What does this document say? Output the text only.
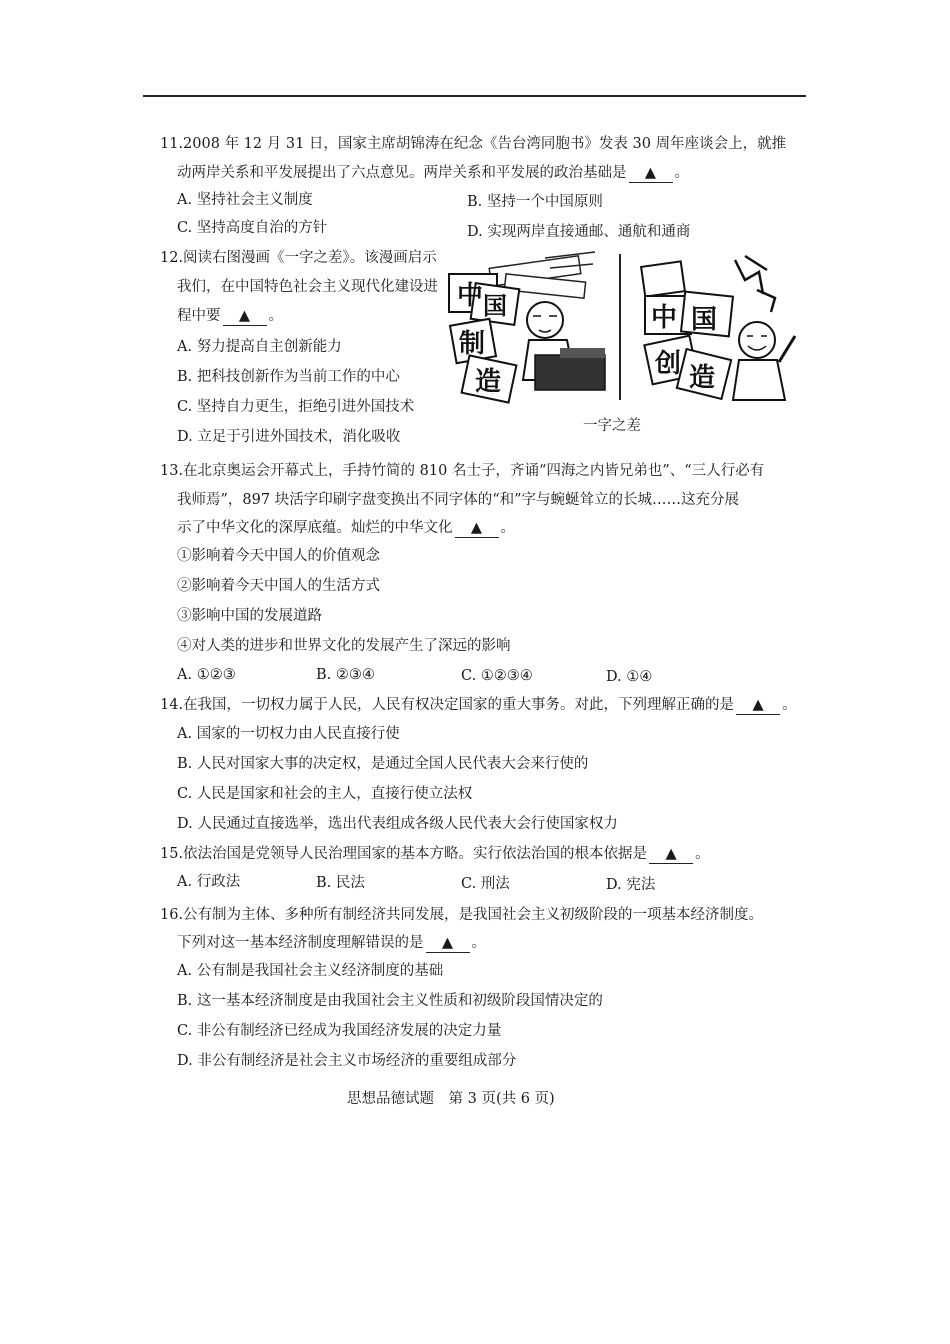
11.2008 年 12 月 31 日，国家主席胡锦涛在纪念《告台湾同胞书》发表 30 周年座谈会上，就推
动两岸关系和平发展提出了六点意见。两岸关系和平发展的政治基础是 ▲ 。
A. 坚持社会主义制度	B. 坚持一个中国原则
C. 坚持高度自治的方针	D. 实现两岸直接通邮、通航和通商
12.阅读右图漫画《一字之差》。该漫画启示
我们，在中国特色社会主义现代化建设进
程中要 ▲ 。
A. 努力提高自主创新能力
B. 把科技创新作为当前工作的中心
C. 坚持自力更生，拒绝引进外国技术
D. 立足于引进外国技术，消化吸收
中 国
制
造
中 国
创 造
一字之差
13.在北京奥运会开幕式上，手持竹简的 810 名士子，齐诵“四海之内皆兄弟也”、“三人行必有
我师焉”，897 块活字印刷字盘变换出不同字体的“和”字与蜿蜒耸立的长城……这充分展
示了中华文化的深厚底蕴。灿烂的中华文化 ▲ 。
①影响着今天中国人的价值观念
②影响着今天中国人的生活方式
③影响中国的发展道路
④对人类的进步和世界文化的发展产生了深远的影响
A. ①②③	B. ②③④	C. ①②③④	D. ①④
14.在我国，一切权力属于人民，人民有权决定国家的重大事务。对此，下列理解正确的是 ▲ 。
A. 国家的一切权力由人民直接行使
B. 人民对国家大事的决定权，是通过全国人民代表大会来行使的
C. 人民是国家和社会的主人，直接行使立法权
D. 人民通过直接选举，选出代表组成各级人民代表大会行使国家权力
15.依法治国是党领导人民治理国家的基本方略。实行依法治国的根本依据是 ▲ 。
A. 行政法	B. 民法	C. 刑法	D. 宪法
16.公有制为主体、多种所有制经济共同发展，是我国社会主义初级阶段的一项基本经济制度。
下列对这一基本经济制度理解错误的是 ▲ 。
A. 公有制是我国社会主义经济制度的基础
B. 这一基本经济制度是由我国社会主义性质和初级阶段国情决定的
C. 非公有制经济已经成为我国经济发展的决定力量
D. 非公有制经济是社会主义市场经济的重要组成部分
思想品德试题　第 3 页(共 6 页)
